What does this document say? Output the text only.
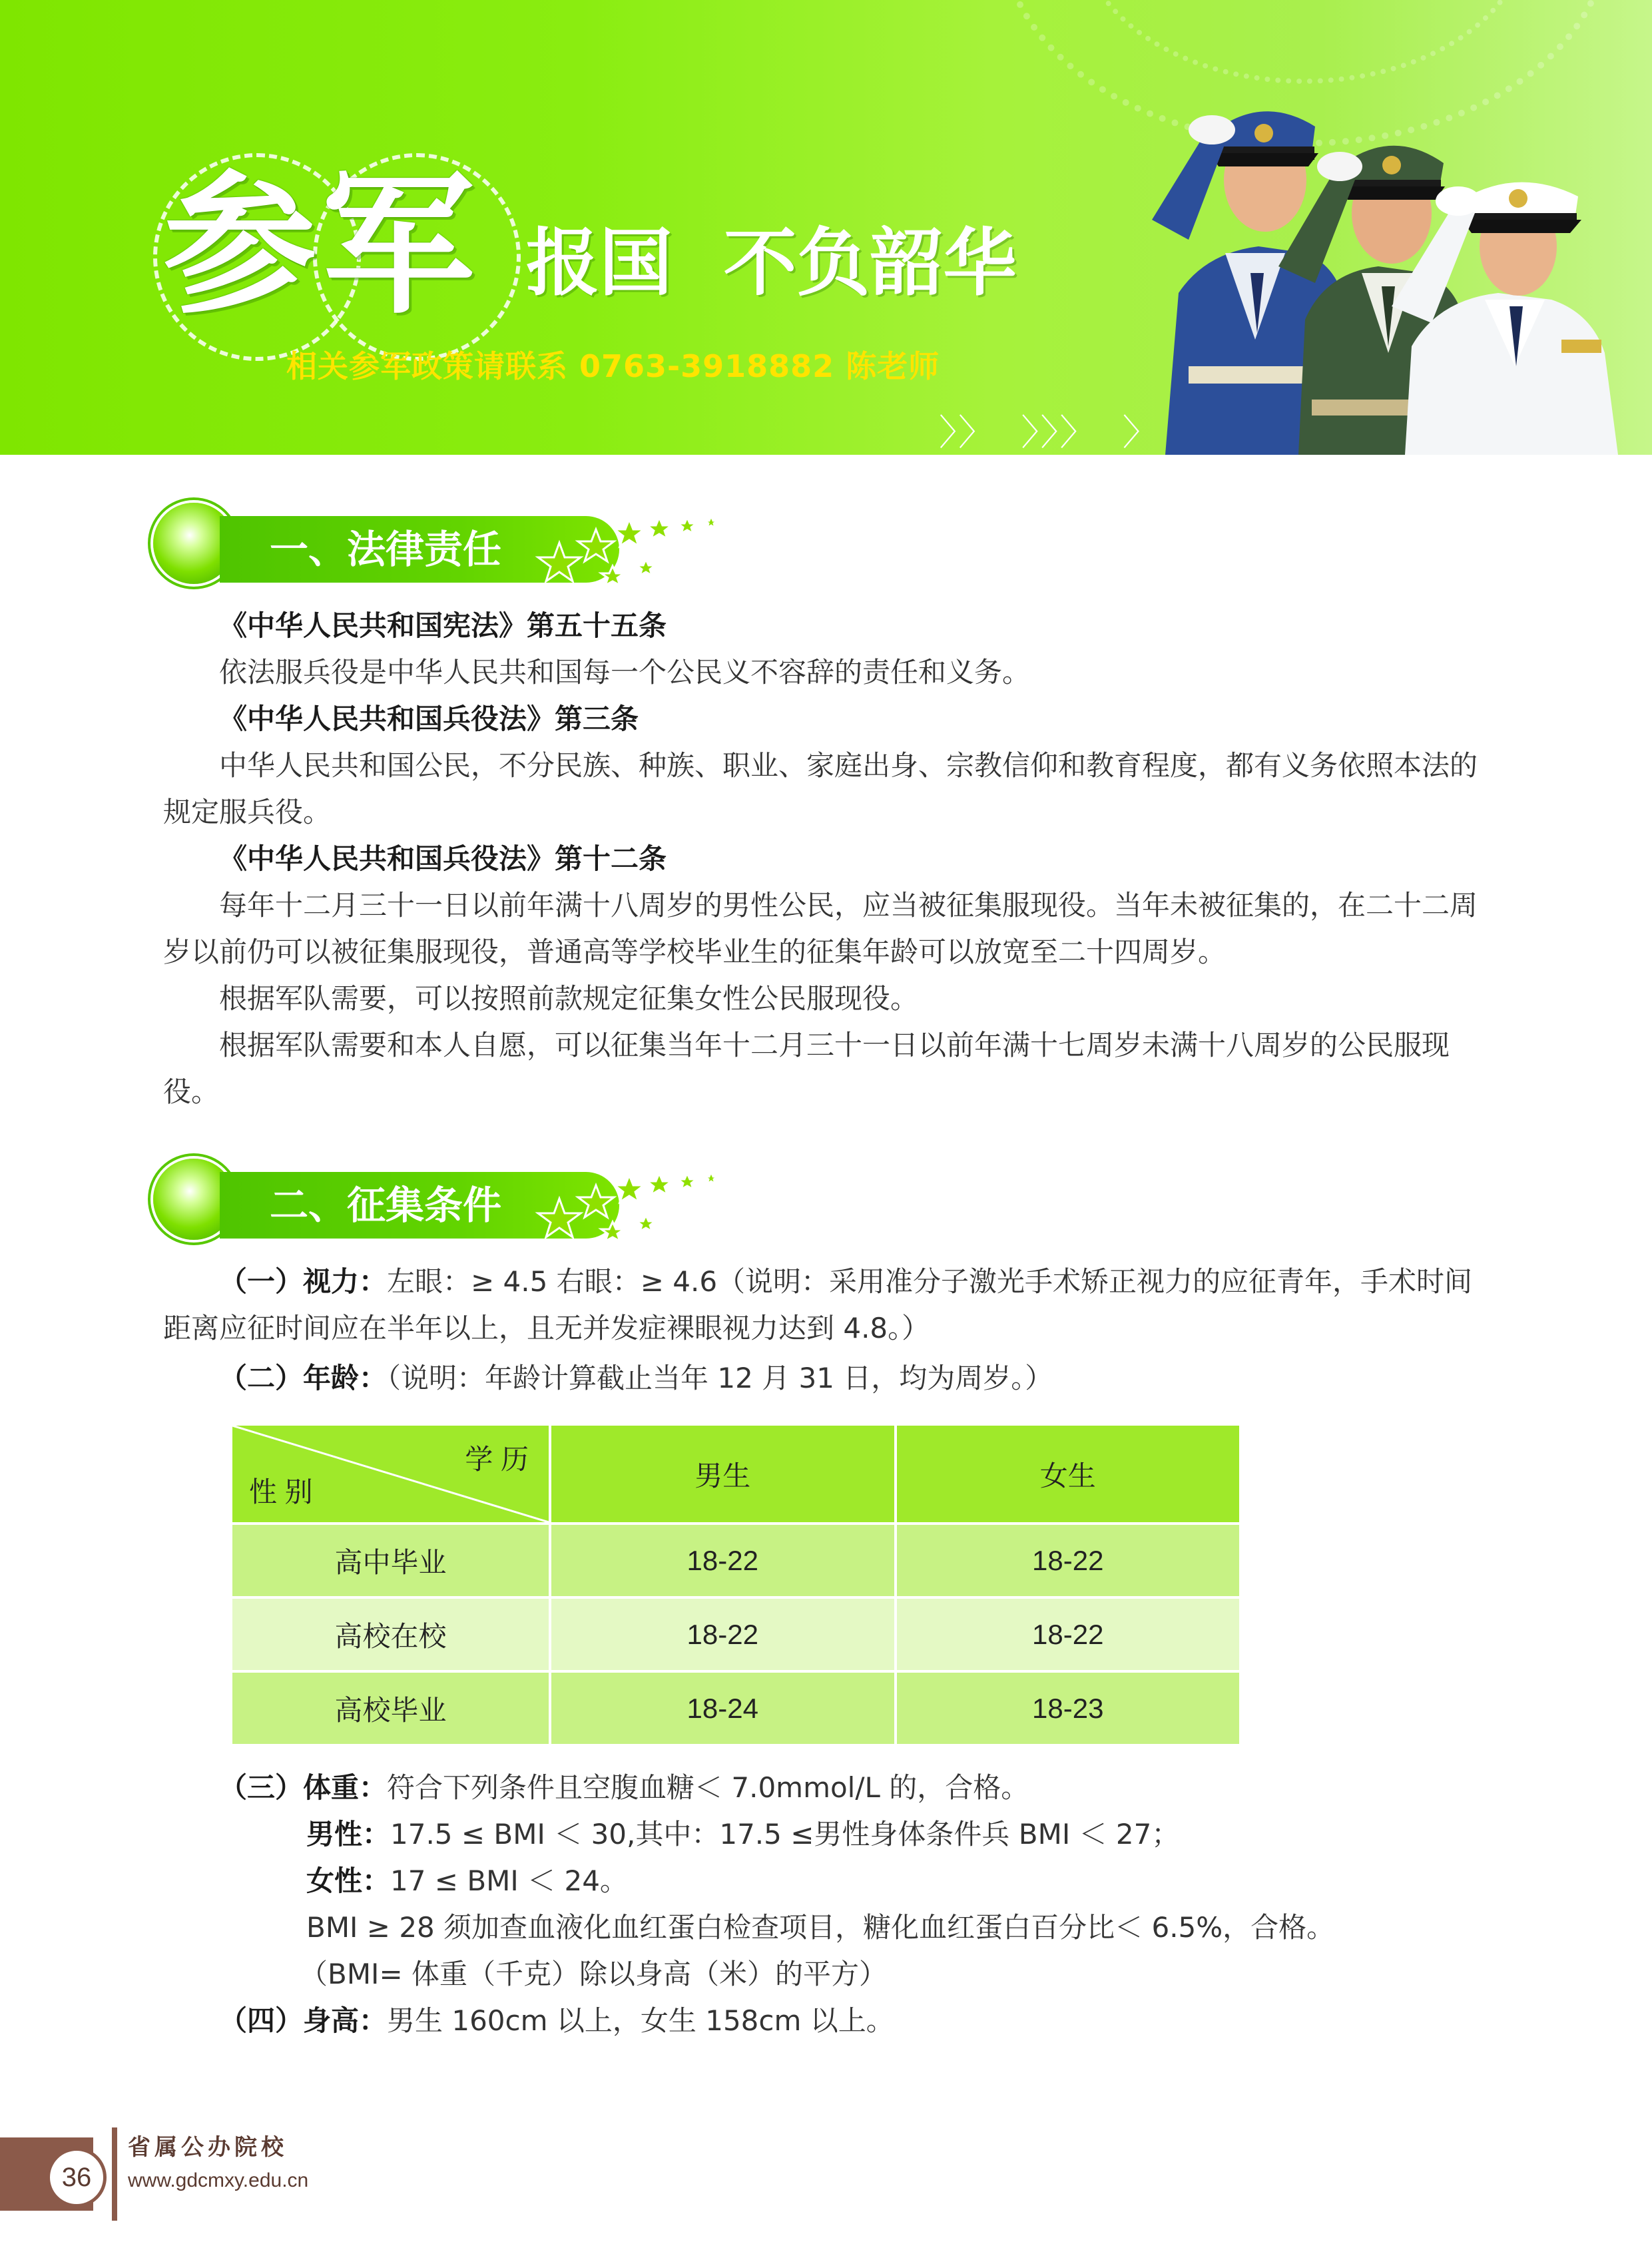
参军 报国  不负韶华
相关参军政策请联系 0763-3918882 陈老师
〉〉  〉〉〉  〉
一、法律责任
《中华人民共和国宪法》第五十五条
依法服兵役是中华人民共和国每一个公民义不容辞的责任和义务。
《中华人民共和国兵役法》第三条
中华人民共和国公民，不分民族、种族、职业、家庭出身、宗教信仰和教育程度，都有义务依照本法的规定服兵役。
《中华人民共和国兵役法》第十二条
每年十二月三十一日以前年满十八周岁的男性公民，应当被征集服现役。当年未被征集的，在二十二周岁以前仍可以被征集服现役，普通高等学校毕业生的征集年龄可以放宽至二十四周岁。
根据军队需要，可以按照前款规定征集女性公民服现役。
根据军队需要和本人自愿，可以征集当年十二月三十一日以前年满十七周岁未满十八周岁的公民服现役。
二、征集条件
（一）视力：左眼：≥ 4.5 右眼：≥ 4.6（说明：采用准分子激光手术矫正视力的应征青年，手术时间距离应征时间应在半年以上，且无并发症裸眼视力达到 4.8。）
（二）年龄：（说明：年龄计算截止当年 12 月 31 日，均为周岁。）
学 历
性 别	男生	女生
高中毕业	18-22	18-22
高校在校	18-22	18-22
高校毕业	18-24	18-23
（三）体重：符合下列条件且空腹血糖＜ 7.0mmol/L 的，合格。
男性：17.5 ≤ BMI ＜ 30,其中：17.5 ≤男性身体条件兵 BMI ＜ 27；
女性：17 ≤ BMI ＜ 24。
BMI ≥ 28 须加查血液化血红蛋白检查项目，糖化血红蛋白百分比＜ 6.5%，合格。
（BMI= 体重（千克）除以身高（米）的平方）
（四）身高：男生 160cm 以上，女生 158cm 以上。
36
省属公办院校
www.gdcmxy.edu.cn
